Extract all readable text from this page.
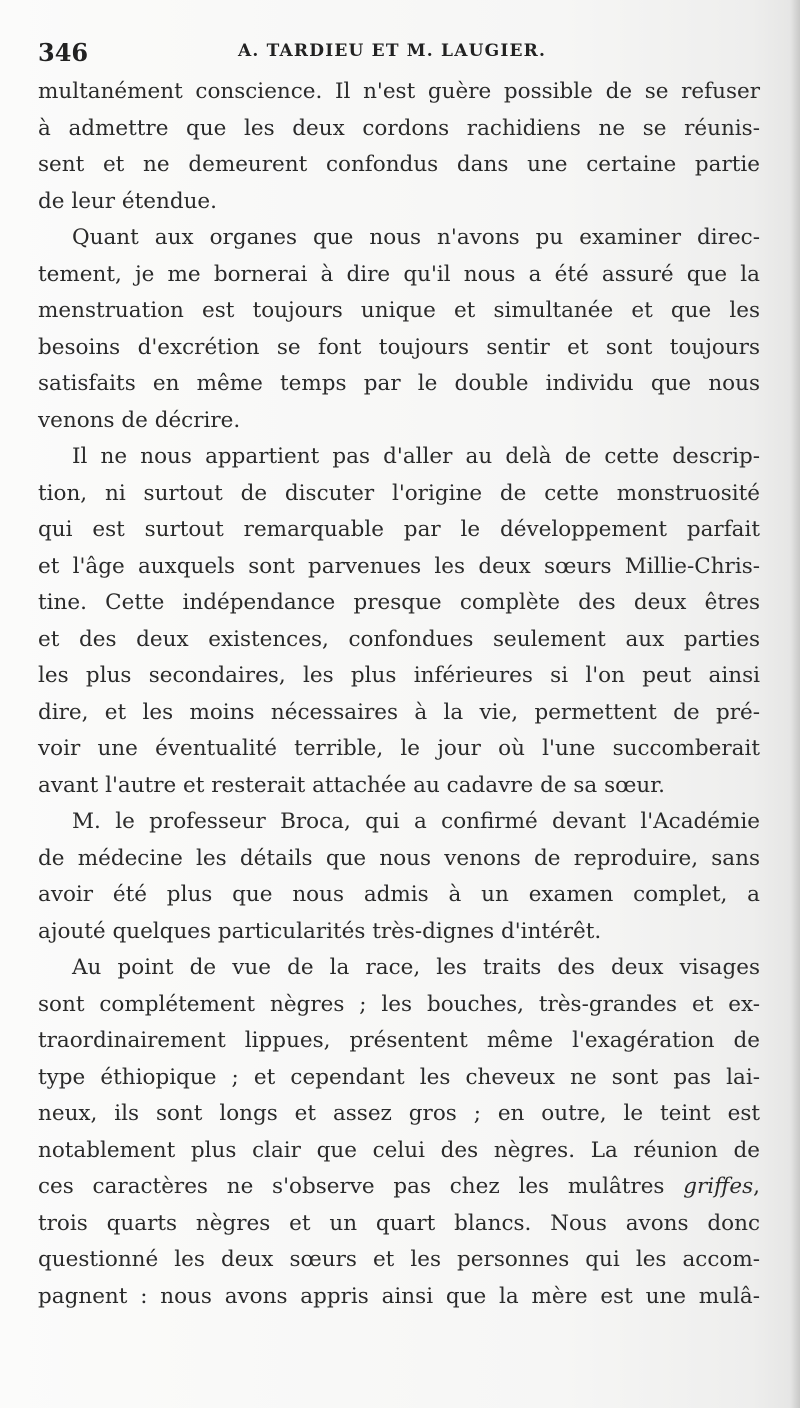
346	A. TARDIEU ET M. LAUGIER.
multanément conscience. Il n'est guère possible de se refuser
à admettre que les deux cordons rachidiens ne se réunis-
sent et ne demeurent confondus dans une certaine partie
de leur étendue.
Quant aux organes que nous n'avons pu examiner direc-
tement, je me bornerai à dire qu'il nous a été assuré que la
menstruation est toujours unique et simultanée et que les
besoins d'excrétion se font toujours sentir et sont toujours
satisfaits en même temps par le double individu que nous
venons de décrire.
Il ne nous appartient pas d'aller au delà de cette descrip-
tion, ni surtout de discuter l'origine de cette monstruosité
qui est surtout remarquable par le développement parfait
et l'âge auxquels sont parvenues les deux sœurs Millie-Chris-
tine. Cette indépendance presque complète des deux êtres
et des deux existences, confondues seulement aux parties
les plus secondaires, les plus inférieures si l'on peut ainsi
dire, et les moins nécessaires à la vie, permettent de pré-
voir une éventualité terrible, le jour où l'une succomberait
avant l'autre et resterait attachée au cadavre de sa sœur.
M. le professeur Broca, qui a confirmé devant l'Académie
de médecine les détails que nous venons de reproduire, sans
avoir été plus que nous admis à un examen complet, a
ajouté quelques particularités très-dignes d'intérêt.
Au point de vue de la race, les traits des deux visages
sont complétement nègres ; les bouches, très-grandes et ex-
traordinairement lippues, présentent même l'exagération de
type éthiopique ; et cependant les cheveux ne sont pas lai-
neux, ils sont longs et assez gros ; en outre, le teint est
notablement plus clair que celui des nègres. La réunion de
ces caractères ne s'observe pas chez les mulâtres griffes,
trois quarts nègres et un quart blancs. Nous avons donc
questionné les deux sœurs et les personnes qui les accom-
pagnent : nous avons appris ainsi que la mère est une mulâ-
